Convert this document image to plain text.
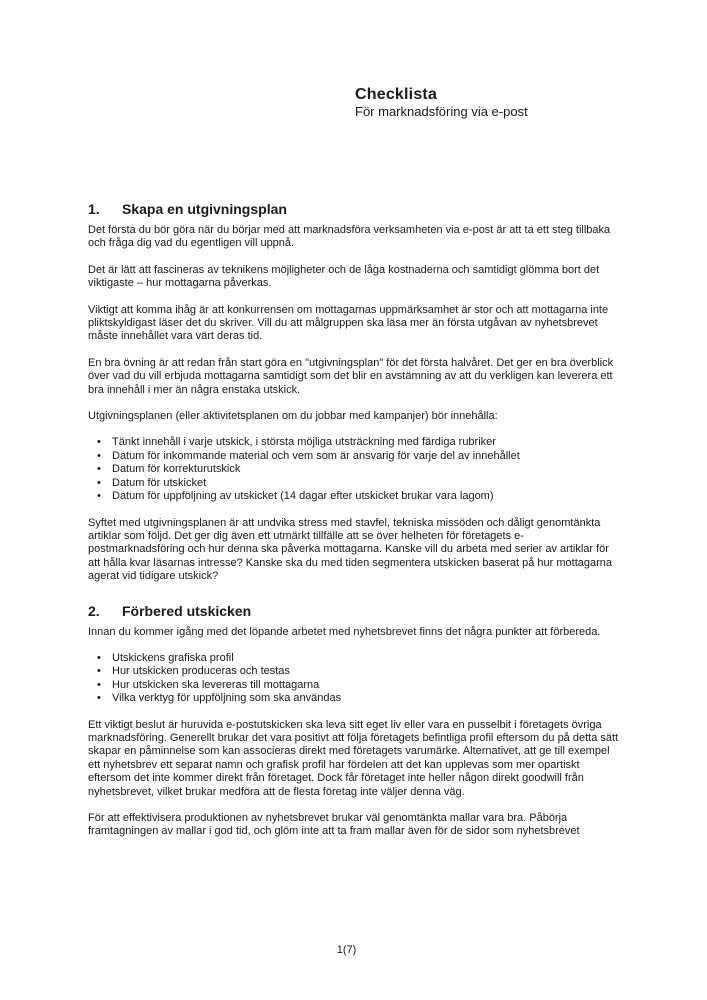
Checklista
För marknadsföring via e-post
1. Skapa en utgivningsplan

Det första du bör göra när du börjar med att marknadsföra verksamheten via e-post är att ta ett steg tillbaka och fråga dig vad du egentligen vill uppnå.

Det är lätt att fascineras av teknikens möjligheter och de låga kostnaderna och samtidigt glömma bort det viktigaste – hur mottagarna påverkas.

Viktigt att komma ihåg är att konkurrensen om mottagarnas uppmärksamhet är stor och att mottagarna inte pliktskyldigast läser det du skriver. Vill du att målgruppen ska läsa mer än första utgåvan av nyhetsbrevet måste innehållet vara värt deras tid.

En bra övning är att redan från start göra en "utgivningsplan" för det första halvåret. Det ger en bra överblick över vad du vill erbjuda mottagarna samtidigt som det blir en avstämning av att du verkligen kan leverera ett bra innehåll i mer än några enstaka utskick.

Utgivningsplanen (eller aktivitetsplanen om du jobbar med kampanjer) bör innehålla:

• Tänkt innehåll i varje utskick, i största möjliga utsträckning med färdiga rubriker
• Datum för inkommande material och vem som är ansvarig för varje del av innehållet
• Datum för korrekturutskick
• Datum för utskicket
• Datum för uppföljning av utskicket (14 dagar efter utskicket brukar vara lagom)

Syftet med utgivningsplanen är att undvika stress med stavfel, tekniska missöden och dåligt genomtänkta artiklar som följd. Det ger dig även ett utmärkt tillfälle att se över helheten för företagets e-postmarknadsföring och hur denna ska påverka mottagarna. Kanske vill du arbeta med serier av artiklar för att hålla kvar läsarnas intresse? Kanske ska du med tiden segmentera utskicken baserat på hur mottagarna agerat vid tidigare utskick?

2. Förbered utskicken

Innan du kommer igång med det löpande arbetet med nyhetsbrevet finns det några punkter att förbereda.

• Utskickens grafiska profil
• Hur utskicken produceras och testas
• Hur utskicken ska levereras till mottagarna
• Vilka verktyg för uppföljning som ska användas

Ett viktigt beslut är huruvida e-postutskicken ska leva sitt eget liv eller vara en pusselbit i företagets övriga marknadsföring. Generellt brukar det vara positivt att följa företagets befintliga profil eftersom du på detta sätt skapar en påminnelse som kan associeras direkt med företagets varumärke. Alternativet, att ge till exempel ett nyhetsbrev ett separat namn och grafisk profil har fördelen att det kan upplevas som mer opartiskt eftersom det inte kommer direkt från företaget. Dock får företaget inte heller någon direkt goodwill från nyhetsbrevet, vilket brukar medföra att de flesta företag inte väljer denna väg.

För att effektivisera produktionen av nyhetsbrevet brukar väl genomtänkta mallar vara bra. Påbörja framtagningen av mallar i god tid, och glöm inte att ta fram mallar även för de sidor som nyhetsbrevet

1(7)
